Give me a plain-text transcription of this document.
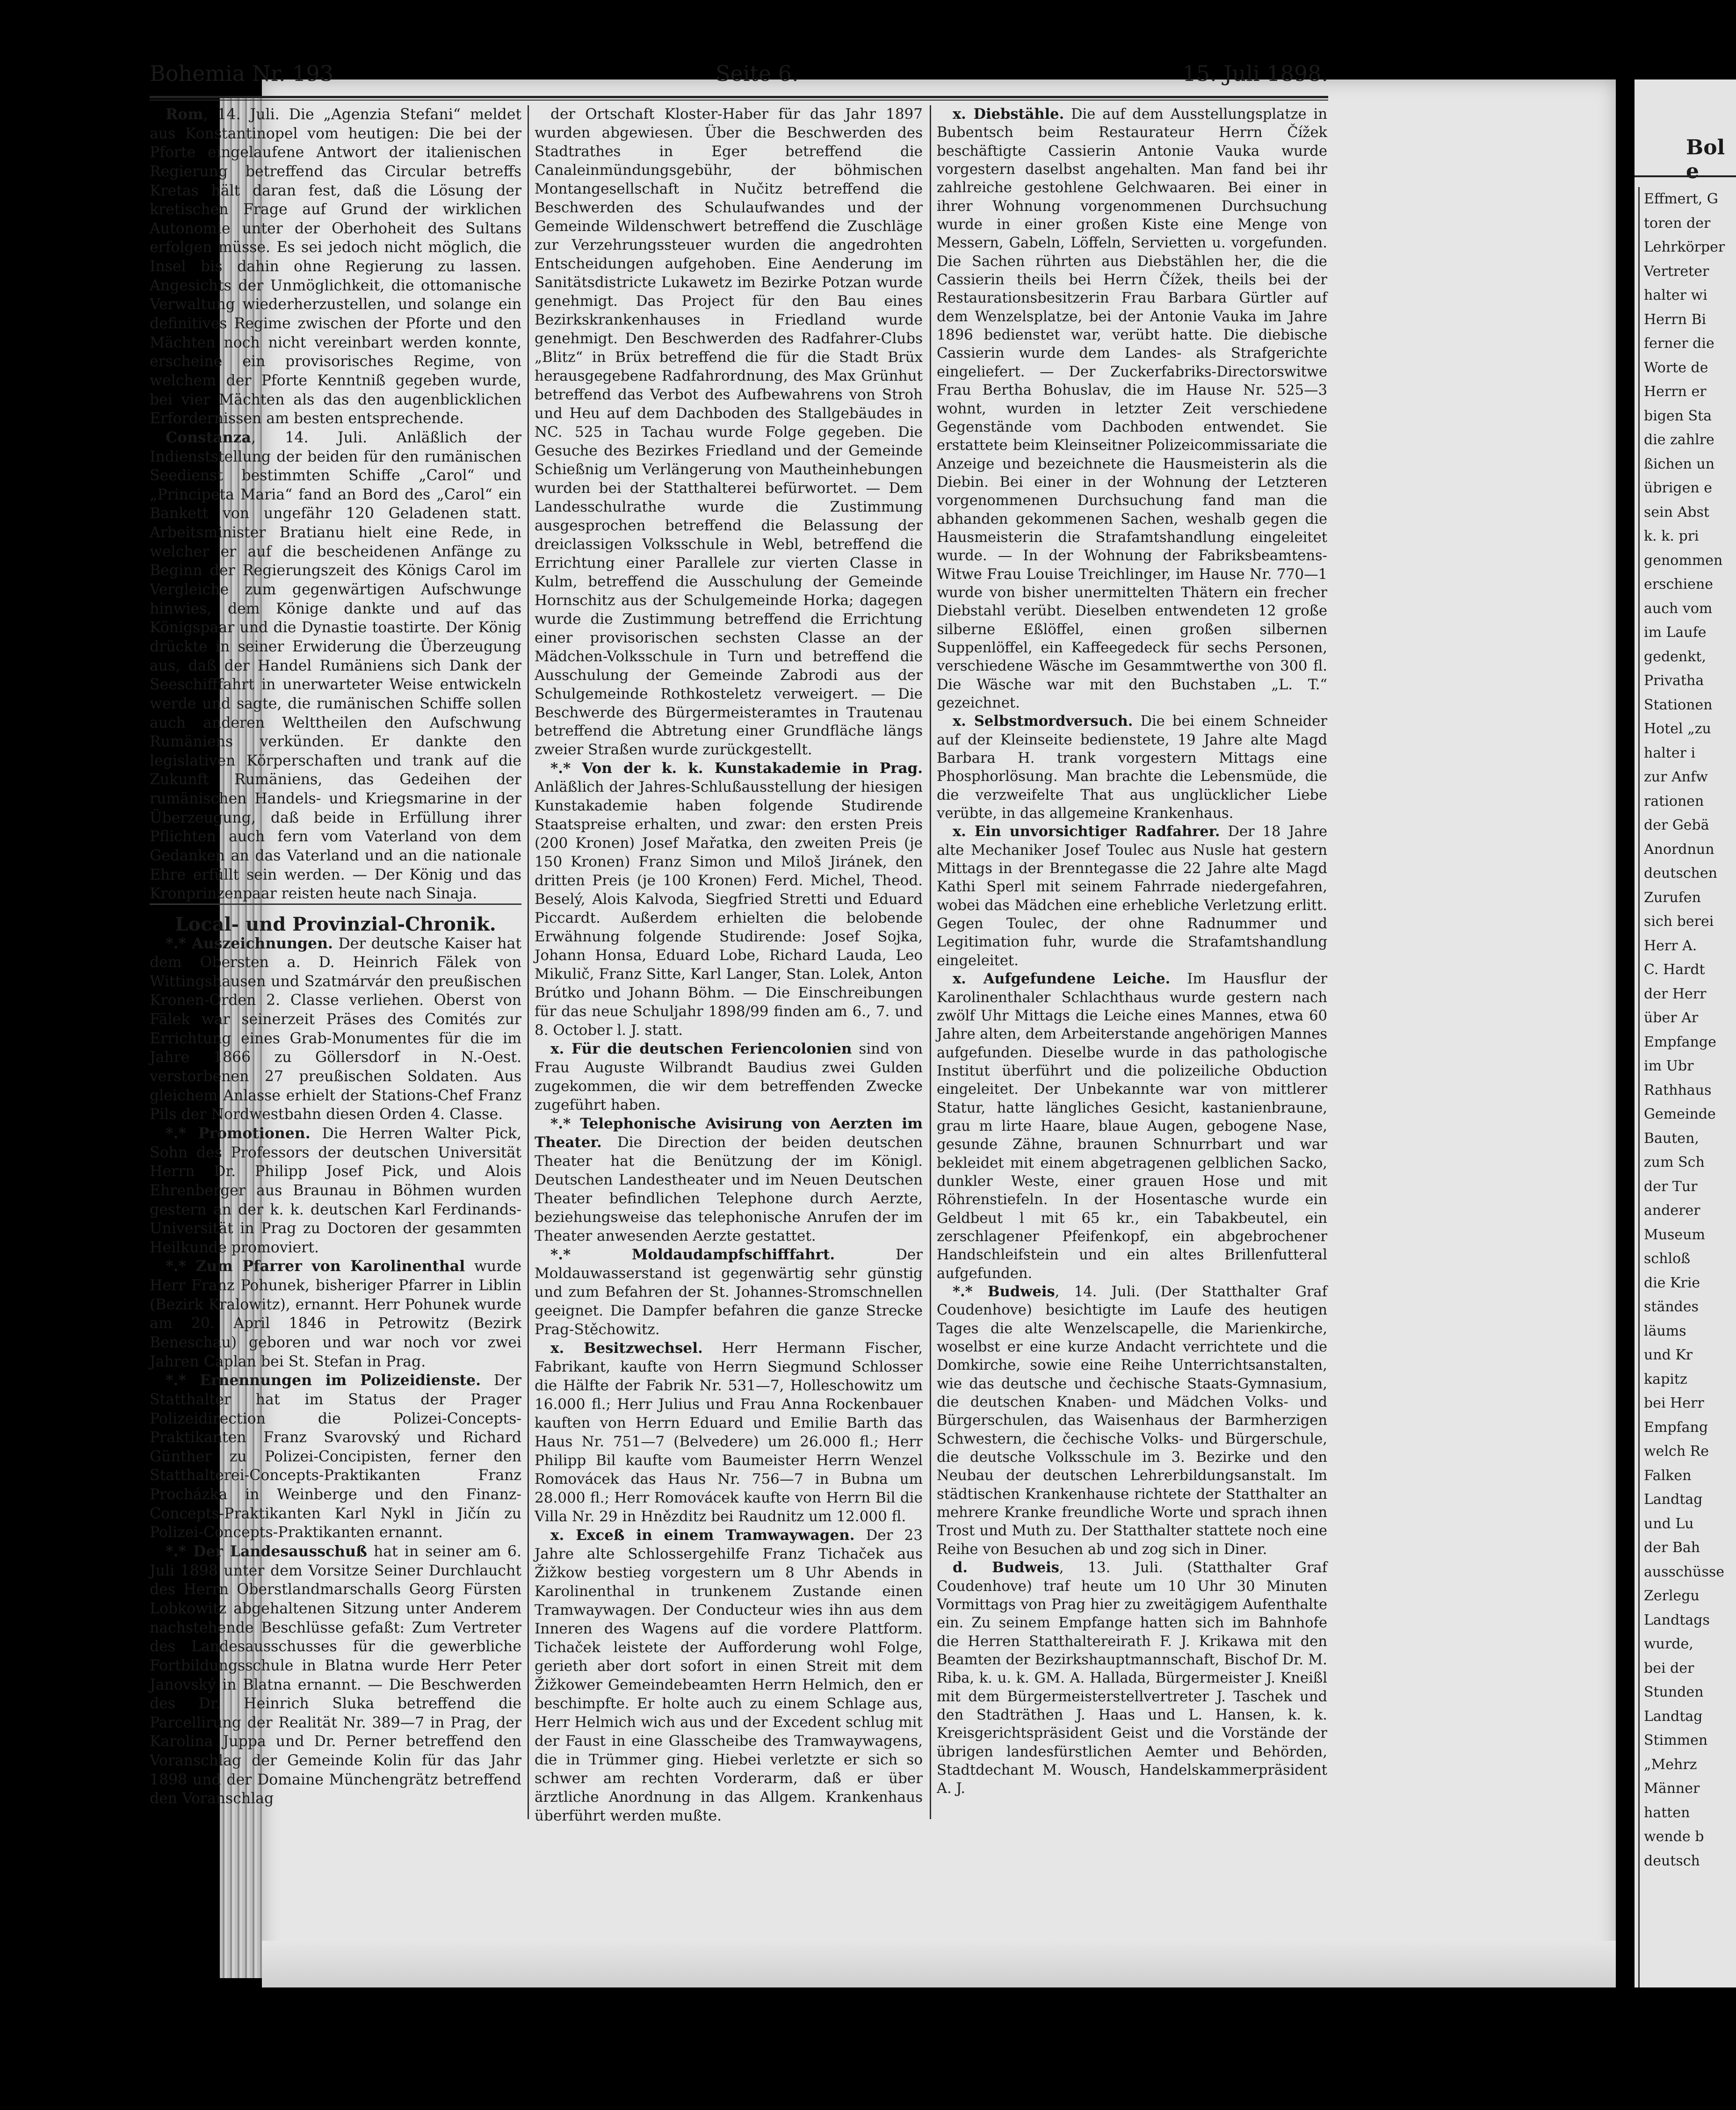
Bol e
Effmert, G
toren der
Lehrkörper
Vertreter
halter wi
Herrn Bi
ferner die
Worte de
Herrn er
bigen Sta
die zahlre
ßichen un
übrigen e
sein Abst
k. k. pri
genommen
erschiene
auch vom
im Laufe
gedenkt,
Privatha
Stationen
Hotel „zu
halter i
zur Anfw
rationen
der Gebä
Anordnun
deutschen
Zurufen
sich berei
Herr A.
C. Hardt
der Herr
über Ar
Empfange
im Ubr
Rathhaus
Gemeinde
Bauten,
zum Sch
der Tur
anderer
Museum
schloß
die Krie
ständes
läums
und Kr
kapitz
bei Herr
Empfang
welch Re
Falken
Landtag
und Lu
der Bah
ausschüsse
Zerlegu
Landtags
wurde,
bei der
Stunden
Landtag
Stimmen
„Mehrz
Männer
hatten
wende b
deutsch
Bohemia Nr. 193	Seite 6.	15. Juli 1898.

Rom, 14. Juli. Die „Agenzia Stefani“ meldet aus Konstantinopel vom heutigen: Die bei der Pforte eingelaufene Antwort der italienischen Regierung betreffend das Circular betreffs Kretas hält daran fest, daß die Lösung der kretischen Frage auf Grund der wirklichen Autonomie unter der Oberhoheit des Sultans erfolgen müsse. Es sei jedoch nicht möglich, die Insel bis dahin ohne Regierung zu lassen. Angesichts der Unmöglichkeit, die ottomanische Verwaltung wiederherzustellen, und solange ein definitives Regime zwischen der Pforte und den Mächten noch nicht vereinbart werden konnte, erscheine ein provisorisches Regime, von welchem der Pforte Kenntniß gegeben wurde, bei vier Mächten als das den augenblicklichen Erfordernissen am besten entsprechende.

Constanza, 14. Juli. Anläßlich der Indienststellung der beiden für den rumänischen Seedienst bestimmten Schiffe „Carol“ und „Principeta Maria“ fand an Bord des „Carol“ ein Bankett von ungefähr 120 Geladenen statt. Arbeitsminister Bratianu hielt eine Rede, in welcher er auf die bescheidenen Anfänge zu Beginn der Regierungszeit des Königs Carol im Vergleiche zum gegenwärtigen Aufschwunge hinwies, dem Könige dankte und auf das Königspaar und die Dynastie toastirte. Der König drückte in seiner Erwiderung die Überzeugung aus, daß der Handel Rumäniens sich Dank der Seeschifffahrt in unerwarteter Weise entwickeln werde und sagte, die rumänischen Schiffe sollen auch anderen Welttheilen den Aufschwung Rumäniens verkünden. Er dankte den legislativen Körperschaften und trank auf die Zukunft Rumäniens, das Gedeihen der rumänischen Handels- und Kriegsmarine in der Überzeugung, daß beide in Erfüllung ihrer Pflichten auch fern vom Vaterland von dem Gedanken an das Vaterland und an die nationale Ehre erfüllt sein werden. — Der König und das Kronprinzenpaar reisten heute nach Sinaja.

Local- und Provinzial-Chronik.

*.* Auszeichnungen. Der deutsche Kaiser hat dem Obersten a. D. Heinrich Fälek von Wittingshausen und Szatmárvár den preußischen Kronen-Orden 2. Classe verliehen. Oberst von Fälek war seinerzeit Präses des Comités zur Errichtung eines Grab-Monumentes für die im Jahre 1866 zu Göllersdorf in N.-Oest. verstorbenen 27 preußischen Soldaten. Aus gleichem Anlasse erhielt der Stations-Chef Franz Pils der Nordwestbahn diesen Orden 4. Classe.

*.* Promotionen. Die Herren Walter Pick, Sohn des Professors der deutschen Universität Herrn Dr. Philipp Josef Pick, und Alois Ehrenberger aus Braunau in Böhmen wurden gestern an der k. k. deutschen Karl Ferdinands-Universität in Prag zu Doctoren der gesammten Heilkunde promoviert.

*.* Zum Pfarrer von Karolinenthal wurde Herr Franz Pohunek, bisheriger Pfarrer in Liblin (Bezirk Kralowitz), ernannt. Herr Pohunek wurde am 20. April 1846 in Petrowitz (Bezirk Beneschau) geboren und war noch vor zwei Jahren Caplan bei St. Stefan in Prag.

*.* Ernennungen im Polizeidienste. Der Statthalter hat im Status der Prager Polizeidirection die Polizei-Concepts-Praktikanten Franz Svarovský und Richard Günther zu Polizei-Concipisten, ferner den Statthalterei-Concepts-Praktikanten Franz Procházka in Weinberge und den Finanz-Concepts-Praktikanten Karl Nykl in Jičín zu Polizei-Concepts-Praktikanten ernannt.

*.* Der Landesausschuß hat in seiner am 6. Juli 1898 unter dem Vorsitze Seiner Durchlaucht des Herrn Oberstlandmarschalls Georg Fürsten Lobkowitz abgehaltenen Sitzung unter Anderem nachstehende Beschlüsse gefaßt: Zum Vertreter des Landesausschusses für die gewerbliche Fortbildungsschule in Blatna wurde Herr Peter Janovský in Blatna ernannt. — Die Beschwerden des Dr. Heinrich Sluka betreffend die Parcellirung der Realität Nr. 389—7 in Prag, der Karolina Juppa und Dr. Perner betreffend den Voranschlag der Gemeinde Kolin für das Jahr 1898 und der Domaine Münchengrätz betreffend den Voranschlag

der Ortschaft Kloster-Haber für das Jahr 1897 wurden abgewiesen. Über die Beschwerden des Stadtrathes in Eger betreffend die Canaleinmündungsgebühr, der böhmischen Montangesellschaft in Nučitz betreffend die Beschwerden des Schulaufwandes und der Gemeinde Wildenschwert betreffend die Zuschläge zur Verzehrungssteuer wurden die angedrohten Entscheidungen aufgehoben. Eine Aenderung im Sanitätsdistricte Lukawetz im Bezirke Potzan wurde genehmigt. Das Project für den Bau eines Bezirkskrankenhauses in Friedland wurde genehmigt. Den Beschwerden des Radfahrer-Clubs „Blitz“ in Brüx betreffend die für die Stadt Brüx herausgegebene Radfahrordnung, des Max Grünhut betreffend das Verbot des Aufbewahrens von Stroh und Heu auf dem Dachboden des Stallgebäudes in NC. 525 in Tachau wurde Folge gegeben. Die Gesuche des Bezirkes Friedland und der Gemeinde Schießnig um Verlängerung von Mautheinhebungen wurden bei der Statthalterei befürwortet. — Dem Landesschulrathe wurde die Zustimmung ausgesprochen betreffend die Belassung der dreiclassigen Volksschule in Webl, betreffend die Errichtung einer Parallele zur vierten Classe in Kulm, betreffend die Ausschulung der Gemeinde Hornschitz aus der Schulgemeinde Horka; dagegen wurde die Zustimmung betreffend die Errichtung einer provisorischen sechsten Classe an der Mädchen-Volksschule in Turn und betreffend die Ausschulung der Gemeinde Zabrodi aus der Schulgemeinde Rothkosteletz verweigert. — Die Beschwerde des Bürgermeisteramtes in Trautenau betreffend die Abtretung einer Grundfläche längs zweier Straßen wurde zurückgestellt.

*.* Von der k. k. Kunstakademie in Prag. Anläßlich der Jahres-Schlußausstellung der hiesigen Kunstakademie haben folgende Studirende Staatspreise erhalten, und zwar: den ersten Preis (200 Kronen) Josef Mařatka, den zweiten Preis (je 150 Kronen) Franz Simon und Miloš Jiránek, den dritten Preis (je 100 Kronen) Ferd. Michel, Theod. Beselý, Alois Kalvoda, Siegfried Stretti und Eduard Piccardt. Außerdem erhielten die belobende Erwähnung folgende Studirende: Josef Sojka, Johann Honsa, Eduard Lobe, Richard Lauda, Leo Mikulič, Franz Sitte, Karl Langer, Stan. Lolek, Anton Brútko und Johann Böhm. — Die Einschreibungen für das neue Schuljahr 1898/99 finden am 6., 7. und 8. October l. J. statt.

x. Für die deutschen Feriencolonien sind von Frau Auguste Wilbrandt Baudius zwei Gulden zugekommen, die wir dem betreffenden Zwecke zugeführt haben.

*.* Telephonische Avisirung von Aerzten im Theater. Die Direction der beiden deutschen Theater hat die Benützung der im Königl. Deutschen Landestheater und im Neuen Deutschen Theater befindlichen Telephone durch Aerzte, beziehungsweise das telephonische Anrufen der im Theater anwesenden Aerzte gestattet.

*.* Moldaudampfschifffahrt. Der Moldauwasserstand ist gegenwärtig sehr günstig und zum Befahren der St. Johannes-Stromschnellen geeignet. Die Dampfer befahren die ganze Strecke Prag-Stěchowitz.

x. Besitzwechsel. Herr Hermann Fischer, Fabrikant, kaufte von Herrn Siegmund Schlosser die Hälfte der Fabrik Nr. 531—7, Holleschowitz um 16.000 fl.; Herr Julius und Frau Anna Rockenbauer kauften von Herrn Eduard und Emilie Barth das Haus Nr. 751—7 (Belvedere) um 26.000 fl.; Herr Philipp Bil kaufte vom Baumeister Herrn Wenzel Romovácek das Haus Nr. 756—7 in Bubna um 28.000 fl.; Herr Romovácek kaufte von Herrn Bil die Villa Nr. 29 in Hnězditz bei Raudnitz um 12.000 fl.

x. Exceß in einem Tramwaywagen. Der 23 Jahre alte Schlossergehilfe Franz Tichaček aus Žižkow bestieg vorgestern um 8 Uhr Abends in Karolinenthal in trunkenem Zustande einen Tramwaywagen. Der Conducteur wies ihn aus dem Inneren des Wagens auf die vordere Plattform. Tichaček leistete der Aufforderung wohl Folge, gerieth aber dort sofort in einen Streit mit dem Žižkower Gemeindebeamten Herrn Helmich, den er beschimpfte. Er holte auch zu einem Schlage aus, Herr Helmich wich aus und der Excedent schlug mit der Faust in eine Glasscheibe des Tramwaywagens, die in Trümmer ging. Hiebei verletzte er sich so schwer am rechten Vorderarm, daß er über ärztliche Anordnung in das Allgem. Krankenhaus überführt werden mußte.

x. Diebstähle. Die auf dem Ausstellungsplatze in Bubentsch beim Restaurateur Herrn Čížek beschäftigte Cassierin Antonie Vauka wurde vorgestern daselbst angehalten. Man fand bei ihr zahlreiche gestohlene Gelchwaaren. Bei einer in ihrer Wohnung vorgenommenen Durchsuchung wurde in einer großen Kiste eine Menge von Messern, Gabeln, Löffeln, Servietten u. vorgefunden. Die Sachen rührten aus Diebstählen her, die die Cassierin theils bei Herrn Čížek, theils bei der Restaurationsbesitzerin Frau Barbara Gürtler auf dem Wenzelsplatze, bei der Antonie Vauka im Jahre 1896 bedienstet war, verübt hatte. Die diebische Cassierin wurde dem Landes- als Strafgerichte eingeliefert. — Der Zuckerfabriks-Directorswitwe Frau Bertha Bohuslav, die im Hause Nr. 525—3 wohnt, wurden in letzter Zeit verschiedene Gegenstände vom Dachboden entwendet. Sie erstattete beim Kleinseitner Polizeicommissariate die Anzeige und bezeichnete die Hausmeisterin als die Diebin. Bei einer in der Wohnung der Letzteren vorgenommenen Durchsuchung fand man die abhanden gekommenen Sachen, weshalb gegen die Hausmeisterin die Strafamtshandlung eingeleitet wurde. — In der Wohnung der Fabriksbeamtens-Witwe Frau Louise Treichlinger, im Hause Nr. 770—1 wurde von bisher unermittelten Thätern ein frecher Diebstahl verübt. Dieselben entwendeten 12 große silberne Eßlöffel, einen großen silbernen Suppenlöffel, ein Kaffeegedeck für sechs Personen, verschiedene Wäsche im Gesammtwerthe von 300 fl. Die Wäsche war mit den Buchstaben „L. T.“ gezeichnet.

x. Selbstmordversuch. Die bei einem Schneider auf der Kleinseite bedienstete, 19 Jahre alte Magd Barbara H. trank vorgestern Mittags eine Phosphorlösung. Man brachte die Lebensmüde, die die verzweifelte That aus unglücklicher Liebe verübte, in das allgemeine Krankenhaus.

x. Ein unvorsichtiger Radfahrer. Der 18 Jahre alte Mechaniker Josef Toulec aus Nusle hat gestern Mittags in der Brenntegasse die 22 Jahre alte Magd Kathi Sperl mit seinem Fahrrade niedergefahren, wobei das Mädchen eine erhebliche Verletzung erlitt. Gegen Toulec, der ohne Radnummer und Legitimation fuhr, wurde die Strafamtshandlung eingeleitet.

x. Aufgefundene Leiche. Im Hausflur der Karolinenthaler Schlachthaus wurde gestern nach zwölf Uhr Mittags die Leiche eines Mannes, etwa 60 Jahre alten, dem Arbeiterstande angehörigen Mannes aufgefunden. Dieselbe wurde in das pathologische Institut überführt und die polizeiliche Obduction eingeleitet. Der Unbekannte war von mittlerer Statur, hatte längliches Gesicht, kastanienbraune, grau m lirte Haare, blaue Augen, gebogene Nase, gesunde Zähne, braunen Schnurrbart und war bekleidet mit einem abgetragenen gelblichen Sacko, dunkler Weste, einer grauen Hose und mit Röhrenstiefeln. In der Hosentasche wurde ein Geldbeut l mit 65 kr., ein Tabakbeutel, ein zerschlagener Pfeifenkopf, ein abgebrochener Handschleifstein und ein altes Brillenfutteral aufgefunden.

*.* Budweis, 14. Juli. (Der Statthalter Graf Coudenhove) besichtigte im Laufe des heutigen Tages die alte Wenzelscapelle, die Marienkirche, woselbst er eine kurze Andacht verrichtete und die Domkirche, sowie eine Reihe Unterrichtsanstalten, wie das deutsche und čechische Staats-Gymnasium, die deutschen Knaben- und Mädchen Volks- und Bürgerschulen, das Waisenhaus der Barmherzigen Schwestern, die čechische Volks- und Bürgerschule, die deutsche Volksschule im 3. Bezirke und den Neubau der deutschen Lehrerbildungsanstalt. Im städtischen Krankenhause richtete der Statthalter an mehrere Kranke freundliche Worte und sprach ihnen Trost und Muth zu. Der Statthalter stattete noch eine Reihe von Besuchen ab und zog sich in Diner.

d. Budweis, 13. Juli. (Statthalter Graf Coudenhove) traf heute um 10 Uhr 30 Minuten Vormittags von Prag hier zu zweitägigem Aufenthalte ein. Zu seinem Empfange hatten sich im Bahnhofe die Herren Statthaltereirath F. J. Krikawa mit den Beamten der Bezirkshauptmannschaft, Bischof Dr. M. Riba, k. u. k. GM. A. Hallada, Bürgermeister J. Kneißl mit dem Bürgermeisterstellvertreter J. Taschek und den Stadträthen J. Haas und L. Hansen, k. k. Kreisgerichtspräsident Geist und die Vorstände der übrigen landesfürstlichen Aemter und Behörden, Stadtdechant M. Wousch, Handelskammerpräsident A. J.
